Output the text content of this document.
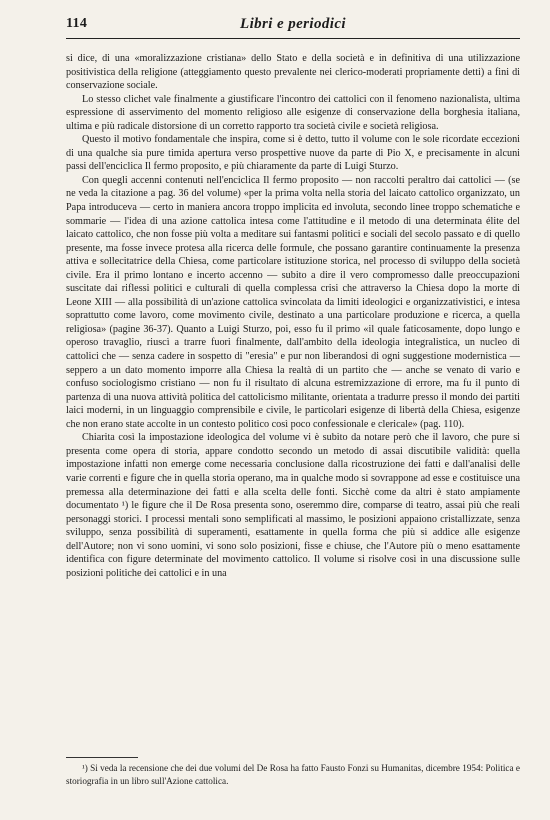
114	Libri e periodici

si dice, di una «moralizzazione cristiana» dello Stato e della società e in definitiva di una utilizzazione positivistica della religione (atteggiamento questo prevalente nei clerico-moderati propriamente detti) a fini di conservazione sociale.

Lo stesso clichet vale finalmente a giustificare l'incontro dei cattolici con il fenomeno nazionalista, ultima espressione di asservimento del momento religioso alle esigenze di conservazione della borghesia italiana, ultima e più radicale distorsione di un corretto rapporto tra società civile e società religiosa.

Questo il motivo fondamentale che inspira, come si è detto, tutto il volume con le sole ricordate eccezioni di una qualche sia pure timida apertura verso prospettive nuove da parte di Pio X, e precisamente in alcuni passi dell'enciclica Il fermo proposito, e più chiaramente da parte di Luigi Sturzo.

Con quegli accenni contenuti nell'enciclica Il fermo proposito — non raccolti peraltro dai cattolici — (se ne veda la citazione a pag. 36 del volume) «per la prima volta nella storia del laicato cattolico organizzato, un Papa introduceva — certo in maniera ancora troppo implicita ed involuta, secondo linee troppo schematiche e sommarie — l'idea di una azione cattolica intesa come l'attitudine e il metodo di una determinata élite del laicato cattolico, che non fosse più volta a meditare sui fantasmi politici e sociali del secolo passato e di quello presente, ma fosse invece protesa alla ricerca delle formule, che possano garantire continuamente la presenza attiva e sollecitatrice della Chiesa, come particolare istituzione storica, nel processo di sviluppo della società civile. Era il primo lontano e incerto accenno — subito a dire il vero compromesso dalle preoccupazioni suscitate dai riflessi politici e culturali di quella complessa crisi che attraverso la Chiesa dopo la morte di Leone XIII — alla possibilità di un'azione cattolica svincolata da limiti ideologici e organizzativistici, e intesa soprattutto come lavoro, come movimento civile, destinato a una particolare produzione e ricerca, a quella religiosa» (pagine 36-37). Quanto a Luigi Sturzo, poi, esso fu il primo «il quale faticosamente, dopo lungo e operoso travaglio, riuscì a trarre fuori finalmente, dall'ambito della ideologia integralistica, un nucleo di cattolici che — senza cadere in sospetto di "eresia" e pur non liberandosi di ogni suggestione modernistica — seppero a un dato momento imporre alla Chiesa la realtà di un partito che — anche se venato di vario e confuso sociologismo cristiano — non fu il risultato di alcuna estremizzazione di errore, ma fu il punto di partenza di una nuova attività politica del cattolicismo militante, orientata a tradurre presso il mondo dei partiti laici moderni, in un linguaggio comprensibile e civile, le particolari esigenze di libertà della Chiesa, esigenze che non erano state accolte in un contesto politico così poco confessionale e clericale» (pag. 110).

Chiarita così la impostazione ideologica del volume vi è subito da notare però che il lavoro, che pure si presenta come opera di storia, appare condotto secondo un metodo di assai discutibile validità: quella impostazione infatti non emerge come necessaria conclusione dalla ricostruzione dei fatti e dall'analisi delle varie correnti e figure che in quella storia operano, ma in qualche modo si sovrappone ad esse e costituisce una premessa alla determinazione dei fatti e alla scelta delle fonti. Sicchè come da altri è stato ampiamente documentato ¹) le figure che il De Rosa presenta sono, oseremmo dire, comparse di teatro, assai più che reali personaggi storici. I processi mentali sono semplificati al massimo, le posizioni appaiono cristallizzate, senza sviluppo, senza possibilità di superamenti, esattamente in quella forma che più si addice alle esigenze dell'Autore; non vi sono uomini, vi sono solo posizioni, fisse e chiuse, che l'Autore più o meno esattamente identifica con figure determinate del movimento cattolico. Il volume si risolve così in una discussione sulle posizioni politiche dei cattolici e in una

¹) Si veda la recensione che dei due volumi del De Rosa ha fatto Fausto Fonzi su Humanitas, dicembre 1954: Politica e storiografia in un libro sull'Azione cattolica.
